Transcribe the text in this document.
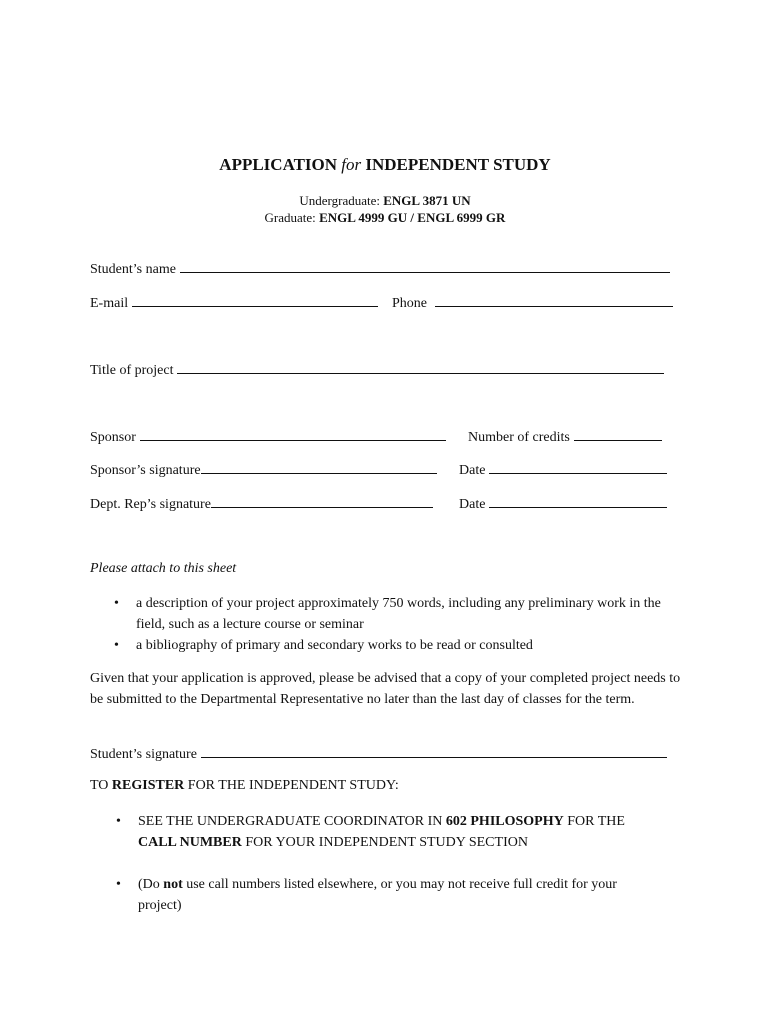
APPLICATION for INDEPENDENT STUDY
Undergraduate: ENGL 3871 UN
Graduate: ENGL 4999 GU / ENGL 6999 GR
Student’s name
E-mail	Phone
Title of project
Sponsor	Number of credits
Sponsor’s signature	Date
Dept. Rep’s signature	Date
Please attach to this sheet
• a description of your project approximately 750 words, including any preliminary work in the field, such as a lecture course or seminar
• a bibliography of primary and secondary works to be read or consulted
Given that your application is approved, please be advised that a copy of your completed project needs to be submitted to the Departmental Representative no later than the last day of classes for the term.
Student’s signature
TO REGISTER FOR THE INDEPENDENT STUDY:
• SEE THE UNDERGRADUATE COORDINATOR IN 602 PHILOSOPHY FOR THE CALL NUMBER FOR YOUR INDEPENDENT STUDY SECTION
• (Do not use call numbers listed elsewhere, or you may not receive full credit for your project)
